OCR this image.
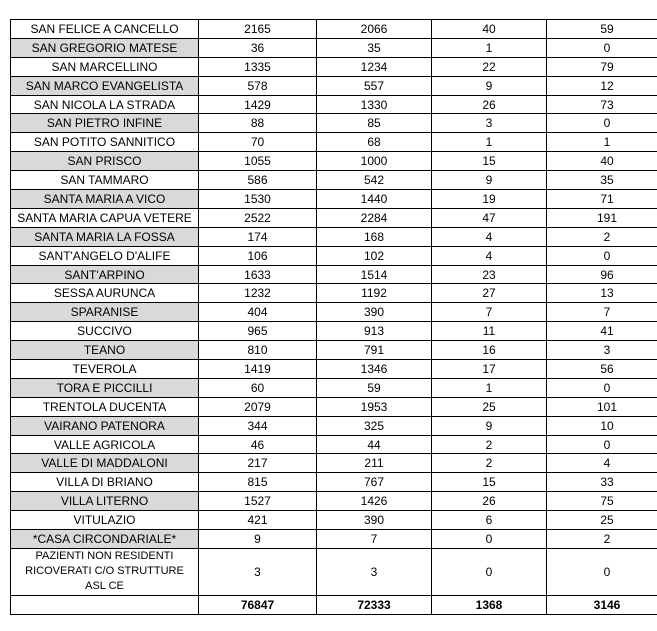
SAN FELICE A CANCELLO	2165	2066	40	59
SAN GREGORIO MATESE	36	35	1	0
SAN MARCELLINO	1335	1234	22	79
SAN MARCO EVANGELISTA	578	557	9	12
SAN NICOLA LA STRADA	1429	1330	26	73
SAN PIETRO INFINE	88	85	3	0
SAN POTITO SANNITICO	70	68	1	1
SAN PRISCO	1055	1000	15	40
SAN TAMMARO	586	542	9	35
SANTA MARIA A VICO	1530	1440	19	71
SANTA MARIA CAPUA VETERE	2522	2284	47	191
SANTA MARIA LA FOSSA	174	168	4	2
SANT'ANGELO D'ALIFE	106	102	4	0
SANT'ARPINO	1633	1514	23	96
SESSA AURUNCA	1232	1192	27	13
SPARANISE	404	390	7	7
SUCCIVO	965	913	11	41
TEANO	810	791	16	3
TEVEROLA	1419	1346	17	56
TORA E PICCILLI	60	59	1	0
TRENTOLA DUCENTA	2079	1953	25	101
VAIRANO PATENORA	344	325	9	10
VALLE AGRICOLA	46	44	2	0
VALLE DI MADDALONI	217	211	2	4
VILLA DI BRIANO	815	767	15	33
VILLA LITERNO	1527	1426	26	75
VITULAZIO	421	390	6	25
*CASA CIRCONDARIALE*	9	7	0	2
PAZIENTI NON RESIDENTI RICOVERATI C/O STRUTTURE ASL CE	3	3	0	0
	76847	72333	1368	3146
